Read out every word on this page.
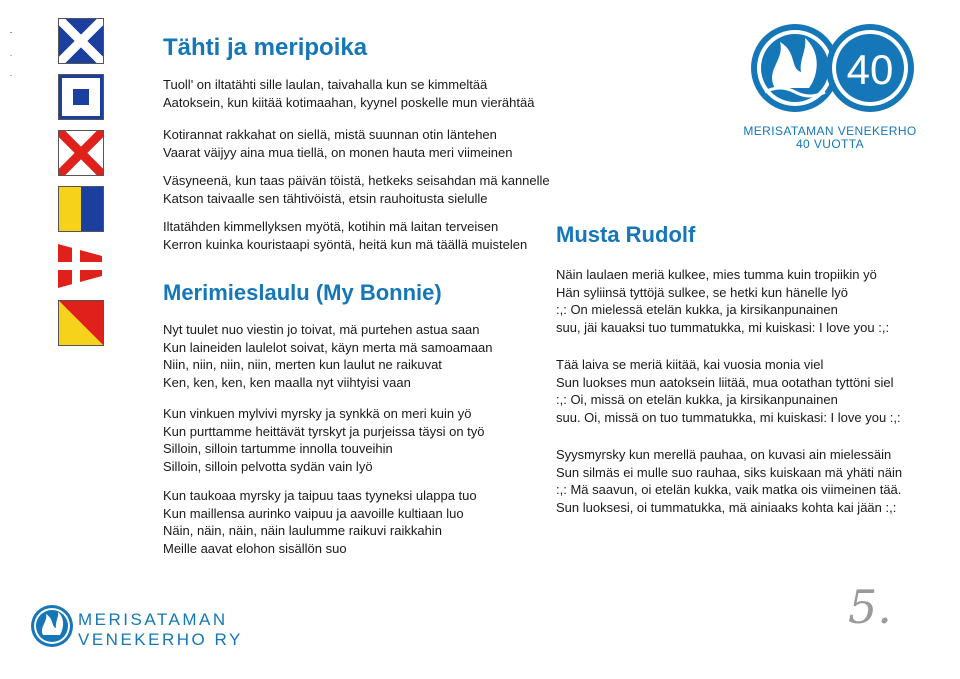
40
MERISATAMAN VENEKERHO
40 VUOTTA
Tähti ja meripoika

Tuoll' on iltatähti sille laulan, taivahalla kun se kimmeltää

Aatoksein, kun kiitää kotimaahan, kyynel poskelle mun vierähtää

Kotirannat rakkahat on siellä, mistä suunnan otin läntehen

Vaarat väijyy aina mua tiellä, on monen hauta meri viimeinen

Väsyneenä, kun taas päivän töistä, hetkeks seisahdan mä kannelle

Katson taivaalle sen tähtivöistä, etsin rauhoitusta sielulle

Iltatähden kimmellyksen myötä, kotihin mä laitan terveisen

Kerron kuinka kouristaapi syöntä, heitä kun mä täällä muistelen

Merimieslaulu (My Bonnie)

Nyt tuulet nuo viestin jo toivat, mä purtehen astua saan

Kun laineiden laulelot soivat, käyn merta mä samoamaan

Niin, niin, niin, niin, merten kun laulut ne raikuvat

Ken, ken, ken, ken maalla nyt viihtyisi vaan

Kun vinkuen mylvivi myrsky ja synkkä on meri kuin yö

Kun purttamme heittävät tyrskyt ja purjeissa täysi on työ

Silloin, silloin tartumme innolla touveihin

Silloin, silloin pelvotta sydän vain lyö

Kun taukoaa myrsky ja taipuu taas tyyneksi ulappa tuo

Kun maillensa aurinko vaipuu ja aavoille kultiaan luo

Näin, näin, näin, näin laulumme raikuvi raikkahin

Meille aavat elohon sisällön suo

Musta Rudolf

Näin laulaen meriä kulkee, mies tumma kuin tropiikin yö

Hän syliinsä tyttöjä sulkee, se hetki kun hänelle lyö

:,: On mielessä etelän kukka, ja kirsikanpunainen

suu, jäi kauaksi tuo tummatukka, mi kuiskasi: I love you :,:

Tää laiva se meriä kiitää, kai vuosia monia viel

Sun luokses mun aatoksein liitää, mua ootathan tyttöni siel

:,: Oi, missä on etelän kukka, ja kirsikanpunainen

suu. Oi, missä on tuo tummatukka, mi kuiskasi: I love you :,:

Syysmyrsky kun merellä pauhaa, on kuvasi ain mielessäin

Sun silmäs ei mulle suo rauhaa, siks kuiskaan mä yhäti näin

:,: Mä saavun, oi etelän kukka, vaik matka ois viimeinen tää.

Sun luoksesi, oi tummatukka, mä ainiaaks kohta kai jään :,:

MERISATAMAN
VENEKERHO RY
5.
